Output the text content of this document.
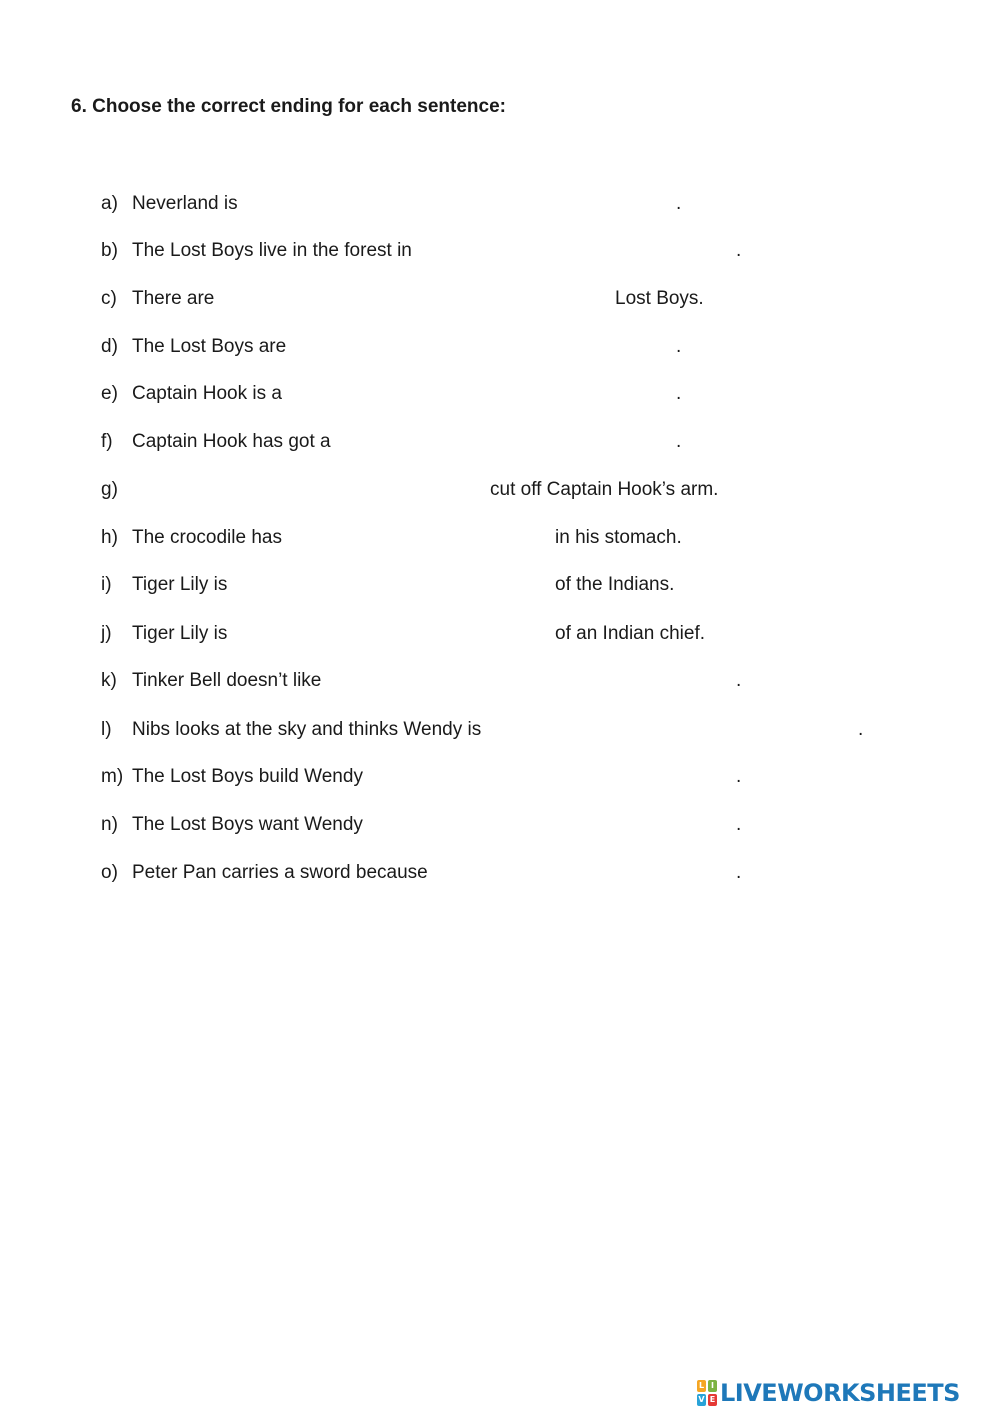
6. Choose the correct ending for each sentence:
a) Neverland is	.
b) The Lost Boys live in the forest in	.
c) There are	Lost Boys.
d) The Lost Boys are	.
e) Captain Hook is a	.
f) Captain Hook has got a	.
g)	cut off Captain Hook’s arm.
h) The crocodile has	in his stomach.
i) Tiger Lily is	of the Indians.
j) Tiger Lily is	of an Indian chief.
k) Tinker Bell doesn’t like	.
l) Nibs looks at the sky and thinks Wendy is	.
m) The Lost Boys build Wendy	.
n) The Lost Boys want Wendy	.
o) Peter Pan carries a sword because	.
L I
V E LIVEWORKSHEETS
